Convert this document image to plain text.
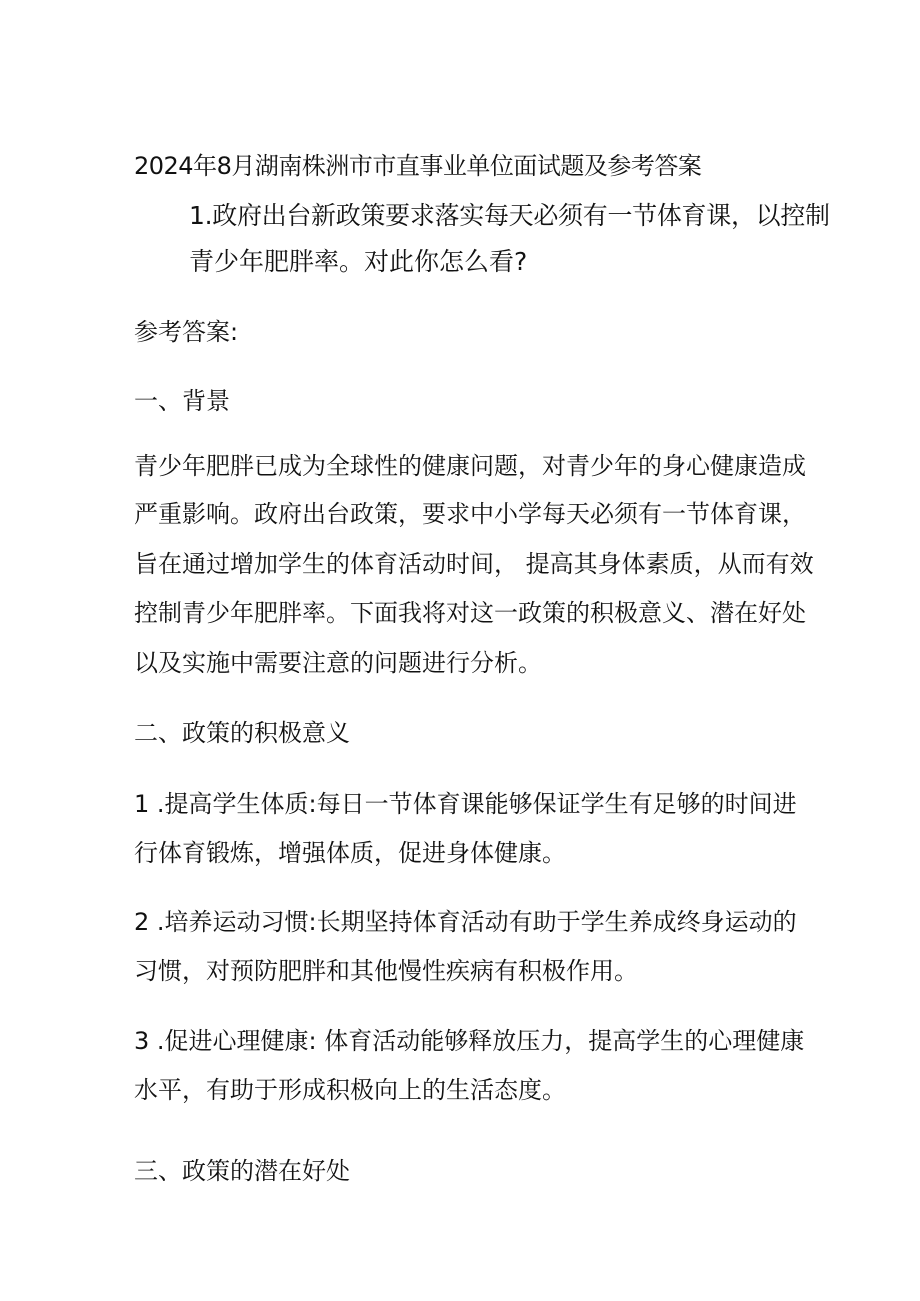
2024年8月湖南株洲市市直事业单位面试题及参考答案
1.政府出台新政策要求落实每天必须有一节体育课，以控制
青少年肥胖率。对此你怎么看?
参考答案:
一、背景
青少年肥胖已成为全球性的健康问题，对青少年的身心健康造成
严重影响。政府出台政策，要求中小学每天必须有一节体育课，
旨在通过增加学生的体育活动时间， 提高其身体素质，从而有效
控制青少年肥胖率。下面我将对这一政策的积极意义、潜在好处
以及实施中需要注意的问题进行分析。
二、政策的积极意义
1 .提高学生体质:每日一节体育课能够保证学生有足够的时间进
行体育锻炼，增强体质，促进身体健康。
2 .培养运动习惯:长期坚持体育活动有助于学生养成终身运动的
习惯，对预防肥胖和其他慢性疾病有积极作用。
3 .促进心理健康: 体育活动能够释放压力，提高学生的心理健康
水平，有助于形成积极向上的生活态度。
三、政策的潜在好处
